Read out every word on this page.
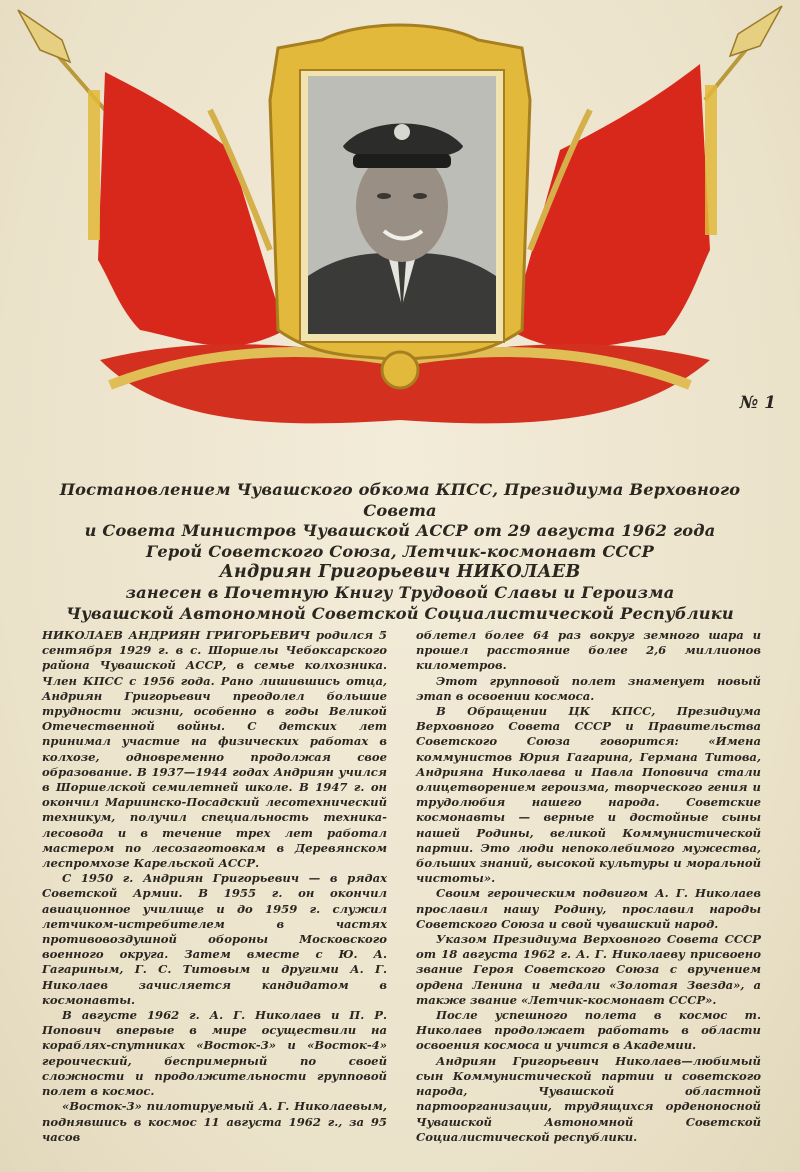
№ 1
Постановлением Чувашского обкома КПСС, Президиума Верховного Совета
и Совета Министров Чувашской АССР от 29 августа 1962 года
Герой Советского Союза, Летчик-космонавт СССР
Андриян Григорьевич НИКОЛАЕВ
занесен в Почетную Книгу Трудовой Славы и Героизма
Чувашской Автономной Советской Социалистической Республики

НИКОЛАЕВ АНДРИЯН ГРИГОРЬЕВИЧ родился 5 сентября 1929 г. в с. Шоршелы Чебоксарского района Чувашской АССР, в семье колхозника. Член КПСС с 1956 года. Рано лишившись отца, Андриян Григорьевич преодолел большие трудности жизни, особенно в годы Великой Отечественной войны. С детских лет принимал участие на физических работах в колхозе, одновременно продолжая свое образование. В 1937—1944 годах Андриян учился в Шоршелской семилетней школе. В 1947 г. он окончил Мариинско-Посадский лесотехнический техникум, получил специальность техника-лесовода и в течение трех лет работал мастером по лесозаготовкам в Деревянском леспромхозе Карельской АССР.

С 1950 г. Андриян Григорьевич — в рядах Советской Армии. В 1955 г. он окончил авиационное училище и до 1959 г. служил летчиком-истребителем в частях противовоздушной обороны Московского военного округа. Затем вместе с Ю. А. Гагариным, Г. С. Титовым и другими А. Г. Николаев зачисляется кандидатом в космонавты.

В августе 1962 г. А. Г. Николаев и П. Р. Попович впервые в мире осуществили на кораблях-спутниках «Восток-3» и «Восток-4» героический, беспримерный по своей сложности и продолжительности групповой полет в космос.

«Восток-3» пилотируемый А. Г. Николаевым, поднявшись в космос 11 августа 1962 г., за 95 часов

облетел более 64 раз вокруг земного шара и прошел расстояние более 2,6 миллионов километров.

Этот групповой полет знаменует новый этап в освоении космоса.

В Обращении ЦК КПСС, Президиума Верховного Совета СССР и Правительства Советского Союза говорится: «Имена коммунистов Юрия Гагарина, Германа Титова, Андрияна Николаева и Павла Поповича стали олицетворением героизма, творческого гения и трудолюбия нашего народа. Советские космонавты — верные и достойные сыны нашей Родины, великой Коммунистической партии. Это люди непоколебимого мужества, больших знаний, высокой культуры и моральной чистоты».

Своим героическим подвигом А. Г. Николаев прославил нашу Родину, прославил народы Советского Союза и свой чувашский народ.

Указом Президиума Верховного Совета СССР от 18 августа 1962 г. А. Г. Николаеву присвоено звание Героя Советского Союза с вручением ордена Ленина и медали «Золотая Звезда», а также звание «Летчик-космонавт СССР».

После успешного полета в космос т. Николаев продолжает работать в области освоения космоса и учится в Академии.

Андриян Григорьевич Николаев—любимый сын Коммунистической партии и советского народа, Чувашской областной партоорганизации, трудящихся орденоносной Чувашской Автономной Советской Социалистической республики.
